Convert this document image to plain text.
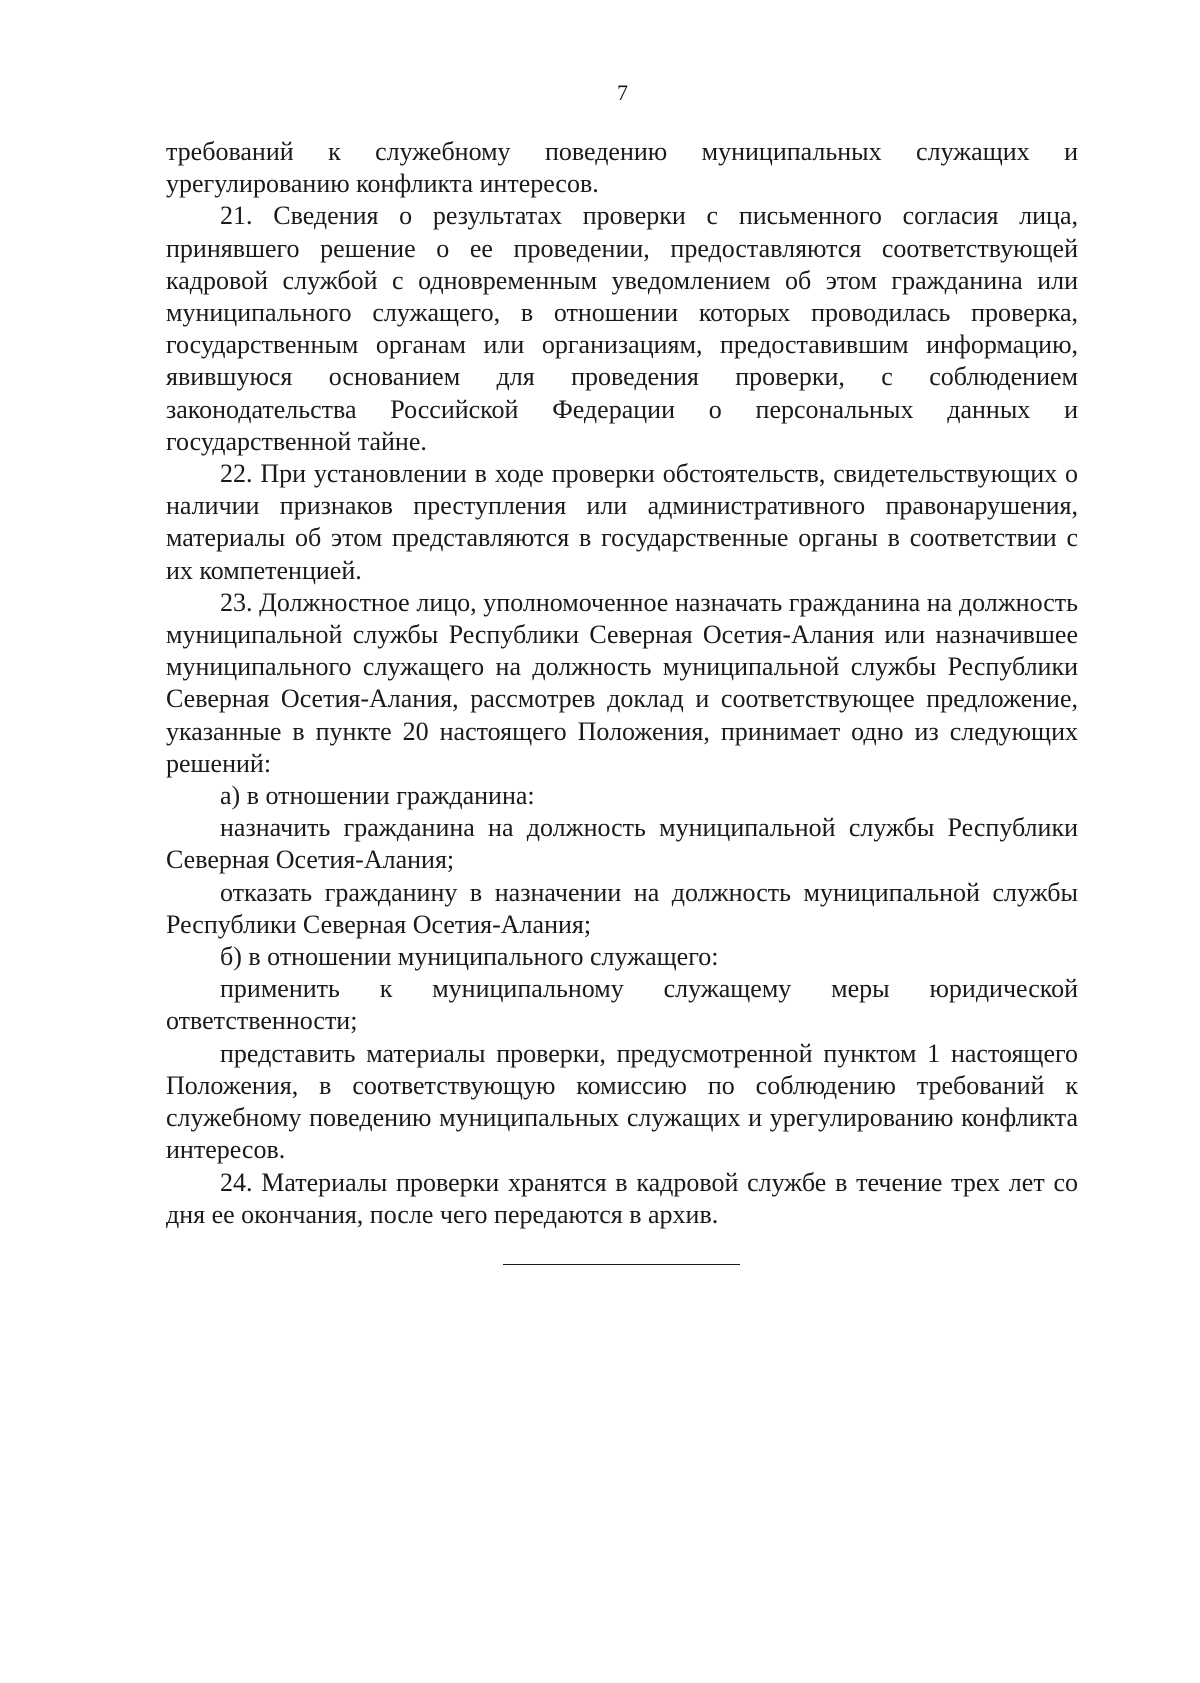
7

требований к служебному поведению муниципальных служащих и урегулированию конфликта интересов.

21. Сведения о результатах проверки с письменного согласия лица, принявшего решение о ее проведении, предоставляются соответствующей кадровой службой с одновременным уведомлением об этом гражданина или муниципального служащего, в отношении которых проводилась проверка, государственным органам или организациям, предоставившим информацию, явившуюся основанием для проведения проверки, с соблюдением законодательства Российской Федерации о персональных данных и государственной тайне.

22. При установлении в ходе проверки обстоятельств, свидетельствующих о наличии признаков преступления или административного правонарушения, материалы об этом представляются в государственные органы в соответствии с их компетенцией.

23. Должностное лицо, уполномоченное назначать гражданина на должность муниципальной службы Республики Северная Осетия-Алания или назначившее муниципального служащего на должность муниципальной службы Республики Северная Осетия-Алания, рассмотрев доклад и соответствующее предложение, указанные в пункте 20 настоящего Положения, принимает одно из следующих решений:

а) в отношении гражданина:

назначить гражданина на должность муниципальной службы Республики Северная Осетия-Алания;

отказать гражданину в назначении на должность муниципальной службы Республики Северная Осетия-Алания;

б) в отношении муниципального служащего:

применить к муниципальному служащему меры юридической ответственности;

представить материалы проверки, предусмотренной пунктом 1 настоящего Положения, в соответствующую комиссию по соблюдению требований к служебному поведению муниципальных служащих и урегулированию конфликта интересов.

24. Материалы проверки хранятся в кадровой службе в течение трех лет со дня ее окончания, после чего передаются в архив.
